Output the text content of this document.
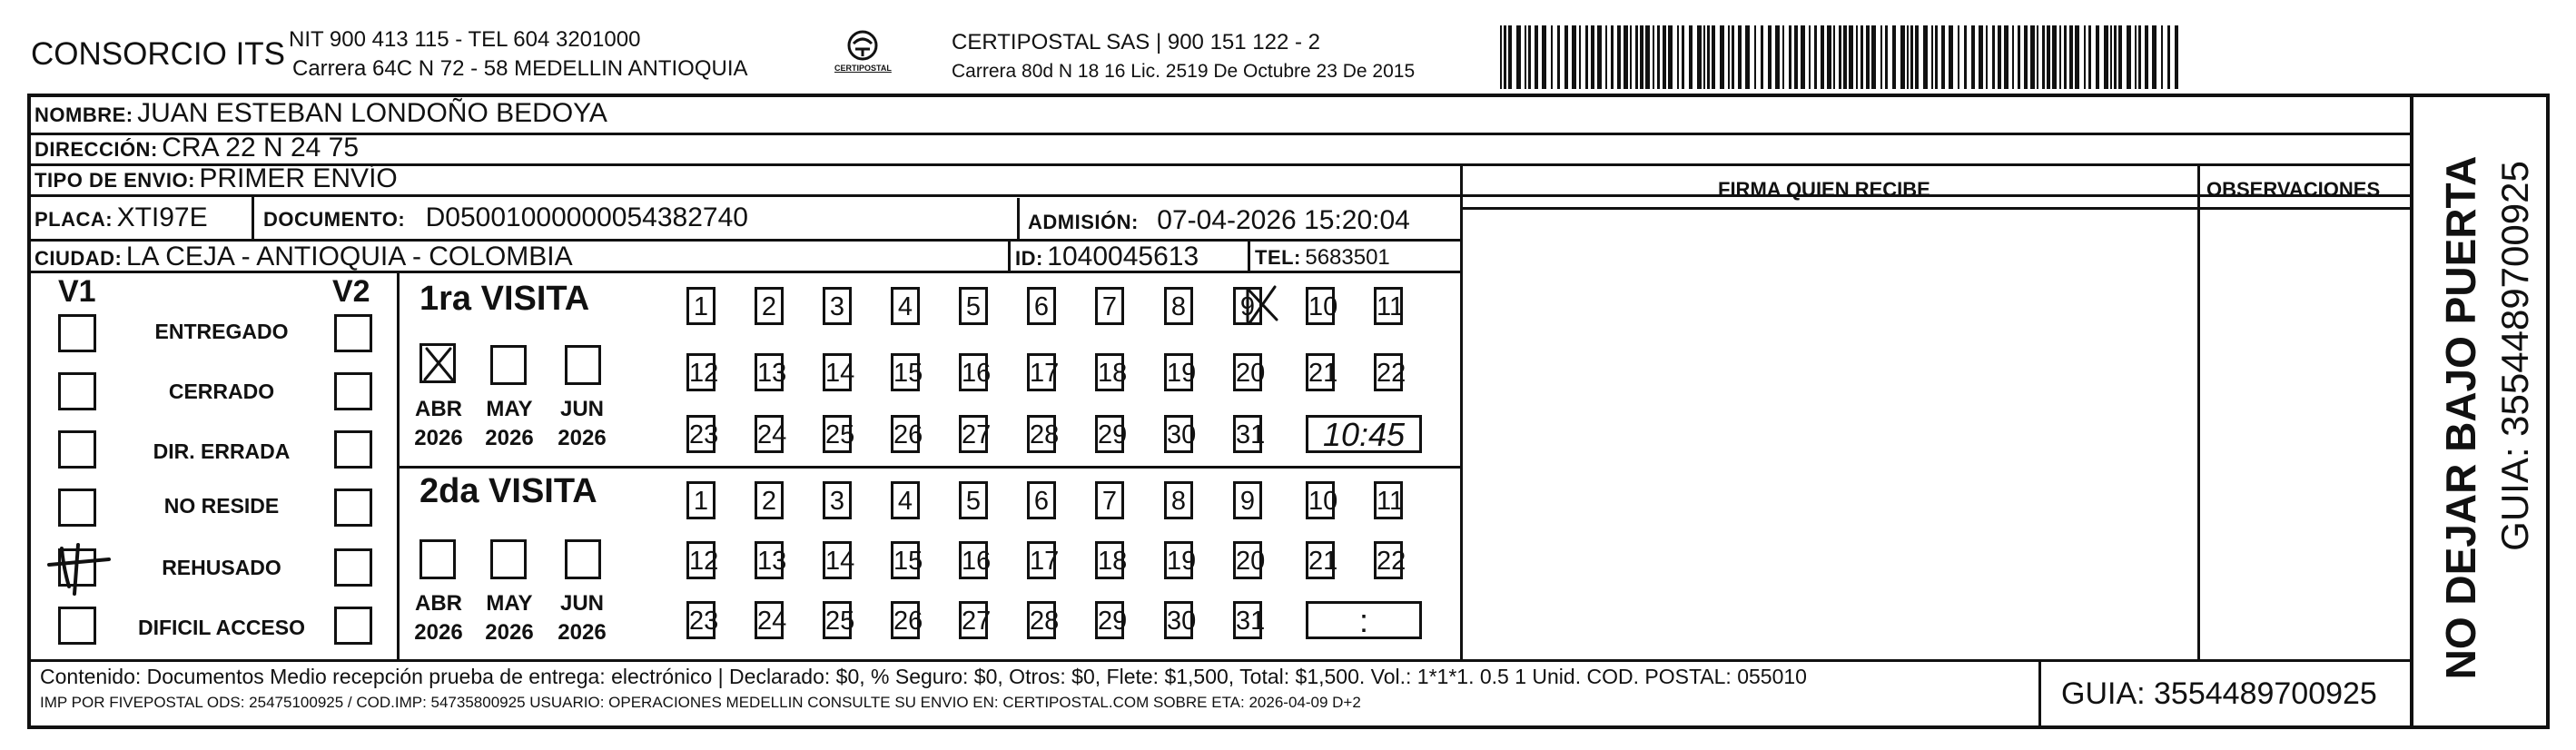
CONSORCIO ITS NIT 900 413 115 - TEL 604 3201000
Carrera 64C N 72 - 58 MEDELLIN ANTIOQUIA	CERTIPOSTAL
CERTIPOSTAL SAS | 900 151 122 - 2
Carrera 80d N 18 16 Lic. 2519 De Octubre 23 De 2015
NO DEJAR BAJO PUERTA GUIA: 3554489700925
NOMBRE: JUAN ESTEBAN LONDOÑO BEDOYA
DIRECCIÓN: CRA 22 N 24 75
TIPO DE ENVIO: PRIMER ENVÍO
PLACA: XTI97E	DOCUMENTO: D05001000000054382740	ADMISIÓN: 07-04-2026 15:20:04
CIUDAD: LA CEJA - ANTIOQUIA - COLOMBIA	ID: 1040045613	TEL: 5683501
FIRMA QUIEN RECIBE	OBSERVACIONES
V1	V2
ENTREGADO
CERRADO
DIR. ERRADA
NO RESIDE
REHUSADO
DIFICIL ACCESO
1ra VISITA
ABR	MAY	JUN
2026	2026	2026
2da VISITA
ABR	MAY	JUN
2026	2026	2026
1 2 3 4 5 6 7 8 9 10 11
12 13 14 15 16 17 18 19 20 21 22
23 24 25 26 27 28 29 30 31
1 2 3 4 5 6 7 8 9 10 11
12 13 14 15 16 17 18 19 20 21 22
23 24 25 26 27 28 29 30 31
10:45
:
Contenido: Documentos Medio recepción prueba de entrega: electrónico | Declarado: $0, % Seguro: $0, Otros: $0, Flete: $1,500, Total: $1,500. Vol.: 1*1*1. 0.5 1 Unid. COD. POSTAL: 055010
IMP POR FIVEPOSTAL ODS: 25475100925 / COD.IMP: 54735800925 USUARIO: OPERACIONES MEDELLIN CONSULTE SU ENVIO EN: CERTIPOSTAL.COM SOBRE ETA: 2026-04-09 D+2	GUIA: 3554489700925
